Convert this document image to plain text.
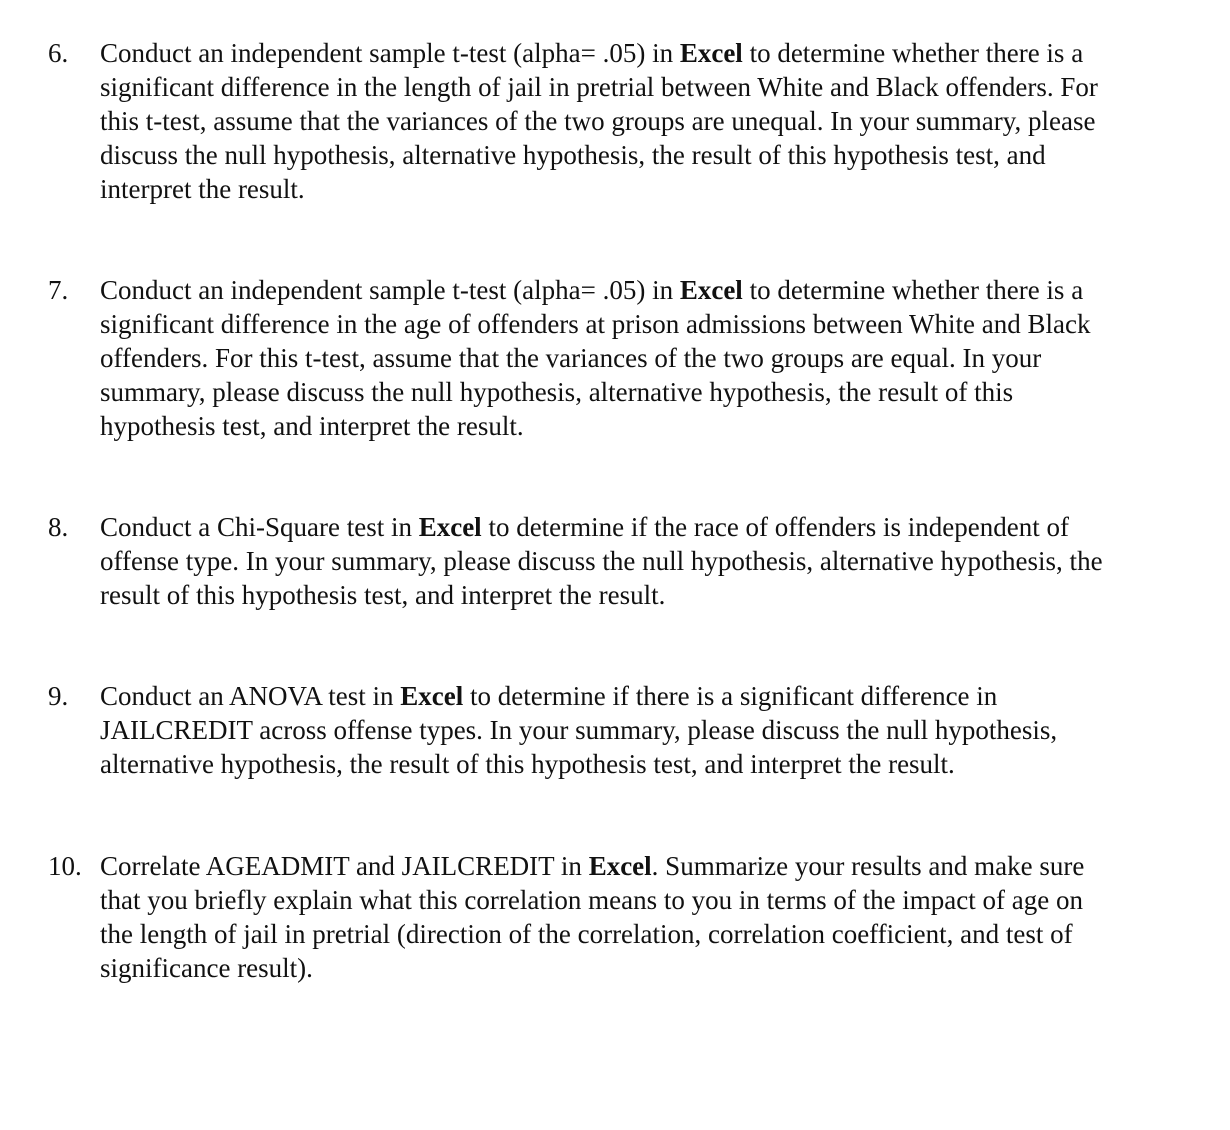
6.	Conduct an independent sample t-test (alpha= .05) in Excel to determine whether there is a
significant difference in the length of jail in pretrial between White and Black offenders. For
this t-test, assume that the variances of the two groups are unequal. In your summary, please
discuss the null hypothesis, alternative hypothesis, the result of this hypothesis test, and
interpret the result.
7.	Conduct an independent sample t-test (alpha= .05) in Excel to determine whether there is a
significant difference in the age of offenders at prison admissions between White and Black
offenders. For this t-test, assume that the variances of the two groups are equal. In your
summary, please discuss the null hypothesis, alternative hypothesis, the result of this
hypothesis test, and interpret the result.
8.	Conduct a Chi-Square test in Excel to determine if the race of offenders is independent of
offense type. In your summary, please discuss the null hypothesis, alternative hypothesis, the
result of this hypothesis test, and interpret the result.
9.	Conduct an ANOVA test in Excel to determine if there is a significant difference in
JAILCREDIT across offense types. In your summary, please discuss the null hypothesis,
alternative hypothesis, the result of this hypothesis test, and interpret the result.
10. Correlate AGEADMIT and JAILCREDIT in Excel. Summarize your results and make sure
that you briefly explain what this correlation means to you in terms of the impact of age on
the length of jail in pretrial (direction of the correlation, correlation coefficient, and test of
significance result).
